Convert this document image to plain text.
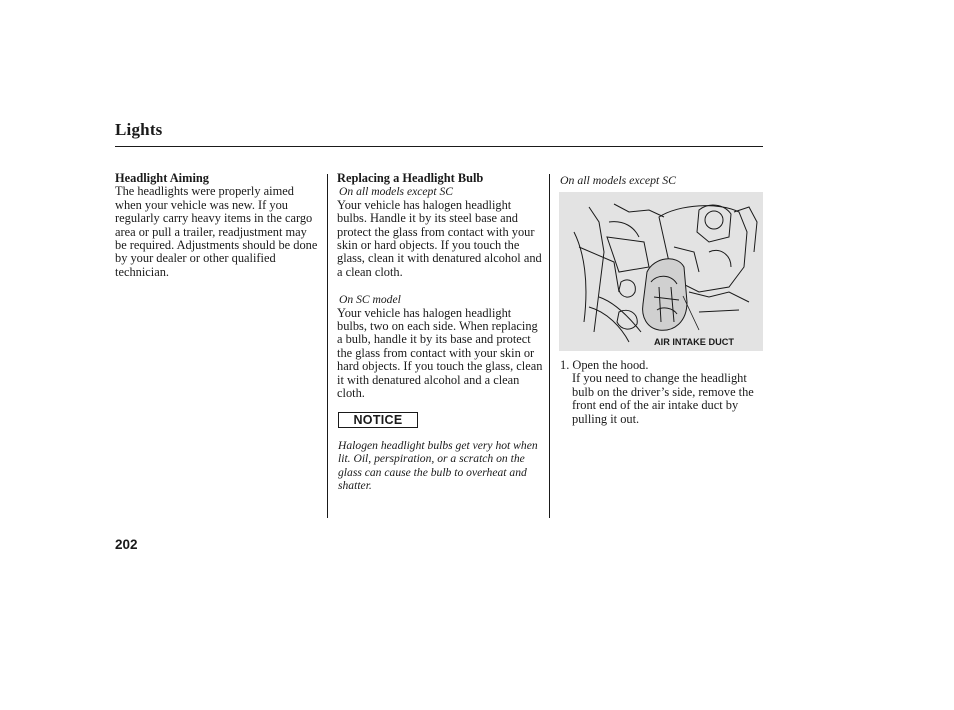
Lights

Headlight Aiming

The headlights were properly aimed when your vehicle was new. If you regularly carry heavy items in the cargo area or pull a trailer, readjustment may be required. Adjustments should be done by your dealer or other qualified technician.

Replacing a Headlight Bulb

On all models except SC

Your vehicle has halogen headlight bulbs. Handle it by its steel base and protect the glass from contact with your skin or hard objects. If you touch the glass, clean it with denatured alcohol and a clean cloth.

On SC model

Your vehicle has halogen headlight bulbs, two on each side. When replacing a bulb, handle it by its base and protect the glass from contact with your skin or hard objects. If you touch the glass, clean it with denatured alcohol and a clean cloth.

NOTICE
Halogen headlight bulbs get very hot when lit. Oil, perspiration, or a scratch on the glass can cause the bulb to overheat and shatter.
On all models except SC
AIR INTAKE DUCT

1. Open the hood.

If you need to change the headlight bulb on the driver’s side, remove the front end of the air intake duct by pulling it out.

202
